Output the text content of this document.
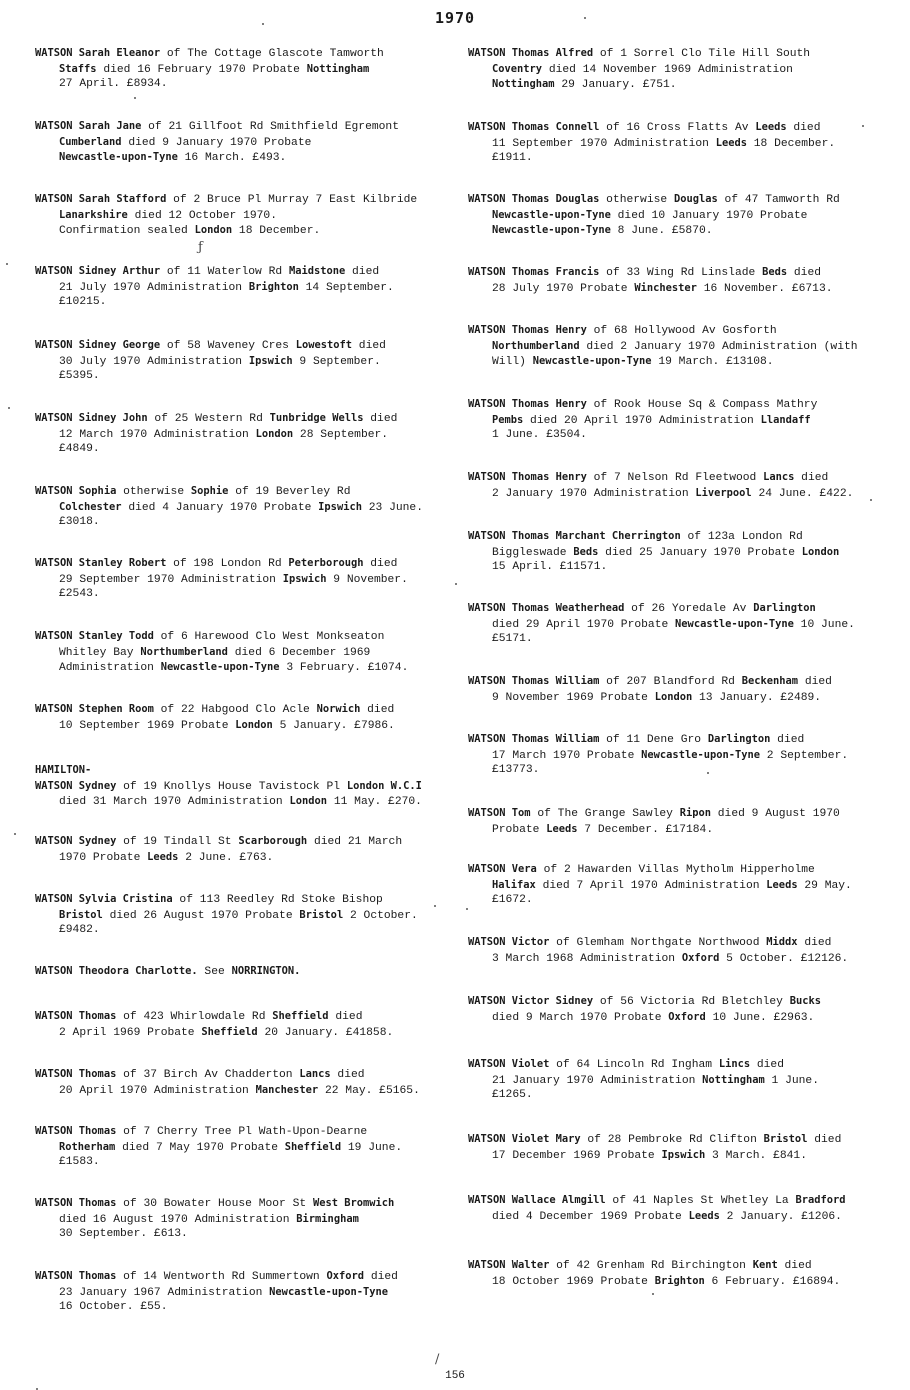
1970
WATSON Sarah Eleanor of The Cottage Glascote Tamworth
Staffs died 16 February 1970 Probate Nottingham
27 April. £8934.
WATSON Sarah Jane of 21 Gillfoot Rd Smithfield Egremont
Cumberland died 9 January 1970 Probate
Newcastle-upon-Tyne 16 March. £493.
WATSON Sarah Stafford of 2 Bruce Pl Murray 7 East Kilbride
Lanarkshire died 12 October 1970.
Confirmation sealed London 18 December.
WATSON Sidney Arthur of 11 Waterlow Rd Maidstone died
21 July 1970 Administration Brighton 14 September.
£10215.
WATSON Sidney George of 58 Waveney Cres Lowestoft died
30 July 1970 Administration Ipswich 9 September.
£5395.
WATSON Sidney John of 25 Western Rd Tunbridge Wells died
12 March 1970 Administration London 28 September.
£4849.
WATSON Sophia otherwise Sophie of 19 Beverley Rd
Colchester died 4 January 1970 Probate Ipswich 23 June.
£3018.
WATSON Stanley Robert of 198 London Rd Peterborough died
29 September 1970 Administration Ipswich 9 November.
£2543.
WATSON Stanley Todd of 6 Harewood Clo West Monkseaton
Whitley Bay Northumberland died 6 December 1969
Administration Newcastle-upon-Tyne 3 February. £1074.
WATSON Stephen Room of 22 Habgood Clo Acle Norwich died
10 September 1969 Probate London 5 January. £7986.
HAMILTON-
WATSON Sydney of 19 Knollys House Tavistock Pl London W.C.I
died 31 March 1970 Administration London 11 May. £270.
WATSON Sydney of 19 Tindall St Scarborough died 21 March
1970 Probate Leeds 2 June. £763.
WATSON Sylvia Cristina of 113 Reedley Rd Stoke Bishop
Bristol died 26 August 1970 Probate Bristol 2 October.
£9482.
WATSON Theodora Charlotte. See NORRINGTON.
WATSON Thomas of 423 Whirlowdale Rd Sheffield died
2 April 1969 Probate Sheffield 20 January. £41858.
WATSON Thomas of 37 Birch Av Chadderton Lancs died
20 April 1970 Administration Manchester 22 May. £5165.
WATSON Thomas of 7 Cherry Tree Pl Wath-Upon-Dearne
Rotherham died 7 May 1970 Probate Sheffield 19 June.
£1583.
WATSON Thomas of 30 Bowater House Moor St West Bromwich
died 16 August 1970 Administration Birmingham
30 September. £613.
WATSON Thomas of 14 Wentworth Rd Summertown Oxford died
23 January 1967 Administration Newcastle-upon-Tyne
16 October. £55.
WATSON Thomas Alfred of 1 Sorrel Clo Tile Hill South
Coventry died 14 November 1969 Administration
Nottingham 29 January. £751.
WATSON Thomas Connell of 16 Cross Flatts Av Leeds died
11 September 1970 Administration Leeds 18 December.
£1911.
WATSON Thomas Douglas otherwise Douglas of 47 Tamworth Rd
Newcastle-upon-Tyne died 10 January 1970 Probate
Newcastle-upon-Tyne 8 June. £5870.
WATSON Thomas Francis of 33 Wing Rd Linslade Beds died
28 July 1970 Probate Winchester 16 November. £6713.
WATSON Thomas Henry of 68 Hollywood Av Gosforth
Northumberland died 2 January 1970 Administration (with
Will) Newcastle-upon-Tyne 19 March. £13108.
WATSON Thomas Henry of Rook House Sq & Compass Mathry
Pembs died 20 April 1970 Administration Llandaff
1 June. £3504.
WATSON Thomas Henry of 7 Nelson Rd Fleetwood Lancs died
2 January 1970 Administration Liverpool 24 June. £422.
WATSON Thomas Marchant Cherrington of 123a London Rd
Biggleswade Beds died 25 January 1970 Probate London
15 April. £11571.
WATSON Thomas Weatherhead of 26 Yoredale Av Darlington
died 29 April 1970 Probate Newcastle-upon-Tyne 10 June.
£5171.
WATSON Thomas William of 207 Blandford Rd Beckenham died
9 November 1969 Probate London 13 January. £2489.
WATSON Thomas William of 11 Dene Gro Darlington died
17 March 1970 Probate Newcastle-upon-Tyne 2 September.
£13773.
WATSON Tom of The Grange Sawley Ripon died 9 August 1970
Probate Leeds 7 December. £17184.
WATSON Vera of 2 Hawarden Villas Mytholm Hipperholme
Halifax died 7 April 1970 Administration Leeds 29 May.
£1672.
WATSON Victor of Glemham Northgate Northwood Middx died
3 March 1968 Administration Oxford 5 October. £12126.
WATSON Victor Sidney of 56 Victoria Rd Bletchley Bucks
died 9 March 1970 Probate Oxford 10 June. £2963.
WATSON Violet of 64 Lincoln Rd Ingham Lincs died
21 January 1970 Administration Nottingham 1 June.
£1265.
WATSON Violet Mary of 28 Pembroke Rd Clifton Bristol died
17 December 1969 Probate Ipswich 3 March. £841.
WATSON Wallace Almgill of 41 Naples St Whetley La Bradford
died 4 December 1969 Probate Leeds 2 January. £1206.
WATSON Walter of 42 Grenham Rd Birchington Kent died
18 October 1969 Probate Brighton 6 February. £16894.
156
ƒ
/
